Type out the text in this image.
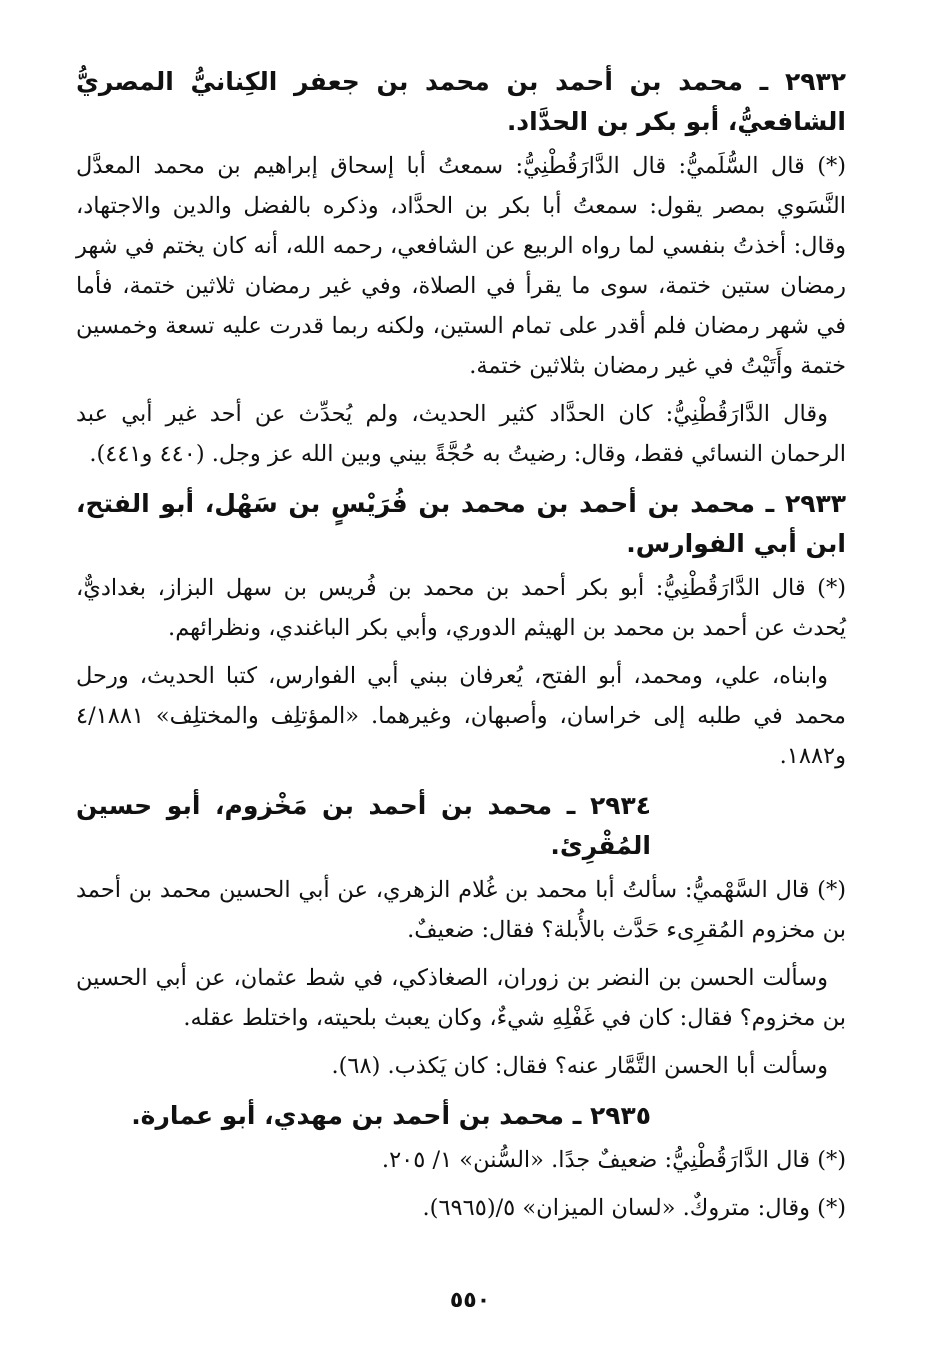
٢٩٣٢ ـ محمد بن أحمد بن محمد بن جعفر الكِنانيُّ المصريُّ الشافعيُّ، أبو بكر بن الحدَّاد.

(*) قال السُّلَميُّ: قال الدَّارَقُطْنِيُّ: سمعتُ أبا إسحاق إبراهيم بن محمد المعدَّل النَّسَوي بمصر يقول: سمعتُ أبا بكر بن الحدَّاد، وذكره بالفضل والدين والاجتهاد، وقال: أخذتُ بنفسي لما رواه الربيع عن الشافعي، رحمه الله، أنه كان يختم في شهر رمضان ستين ختمة، سوى ما يقرأ في الصلاة، وفي غير رمضان ثلاثين ختمة، فأما في شهر رمضان فلم أقدر على تمام الستين، ولكنه ربما قدرت عليه تسعة وخمسين ختمة وأَتَيْتُ في غير رمضان بثلاثين ختمة.

وقال الدَّارَقُطْنِيُّ: كان الحدَّاد كثير الحديث، ولم يُحدِّث عن أحد غير أبي عبد الرحمان النسائي فقط، وقال: رضيتُ به حُجَّةً بيني وبين الله عز وجل. (٤٤٠ و٤٤١).

٢٩٣٣ ـ محمد بن أحمد بن محمد بن فُرَيْسٍ بن سَهْل، أبو الفتح، ابن أبي الفوارس.

(*) قال الدَّارَقُطْنِيُّ: أبو بكر أحمد بن محمد بن فُريس بن سهل البزاز، بغداديٌّ، يُحدث عن أحمد بن محمد بن الهيثم الدوري، وأبي بكر الباغندي، ونظرائهم.

وابناه، علي، ومحمد، أبو الفتح، يُعرفان ببني أبي الفوارس، كتبا الحديث، ورحل محمد في طلبه إلى خراسان، وأصبهان، وغيرهما. «المؤتلِف والمختلِف» ٤/١٨٨١ و١٨٨٢.

٢٩٣٤ ـ محمد بن أحمد بن مَخْزوم، أبو حسين المُقْرِئ.

(*) قال السَّهْميُّ: سألتُ أبا محمد بن غُلام الزهري، عن أبي الحسين محمد بن أحمد بن مخزوم المُقرِىء حَدَّث بالأُبلة؟ فقال: ضعيفٌ.

وسألت الحسن بن النضر بن زوران، الصغاذكي، في شط عثمان، عن أبي الحسين بن مخزوم؟ فقال: كان في غَفْلِهِ شيءٌ، وكان يعبث بلحيته، واختلط عقله.

وسألت أبا الحسن التَّمَّار عنه؟ فقال: كان يَكذب. (٦٨).

٢٩٣٥ ـ محمد بن أحمد بن مهدي، أبو عمارة.

(*) قال الدَّارَقُطْنِيُّ: ضعيفٌ جدًا. «السُّنن» ١/ ٢٠٥.

(*) وقال: متروكٌ. «لسان الميزان» ٥/(٦٩٦٥).

٥٥٠
